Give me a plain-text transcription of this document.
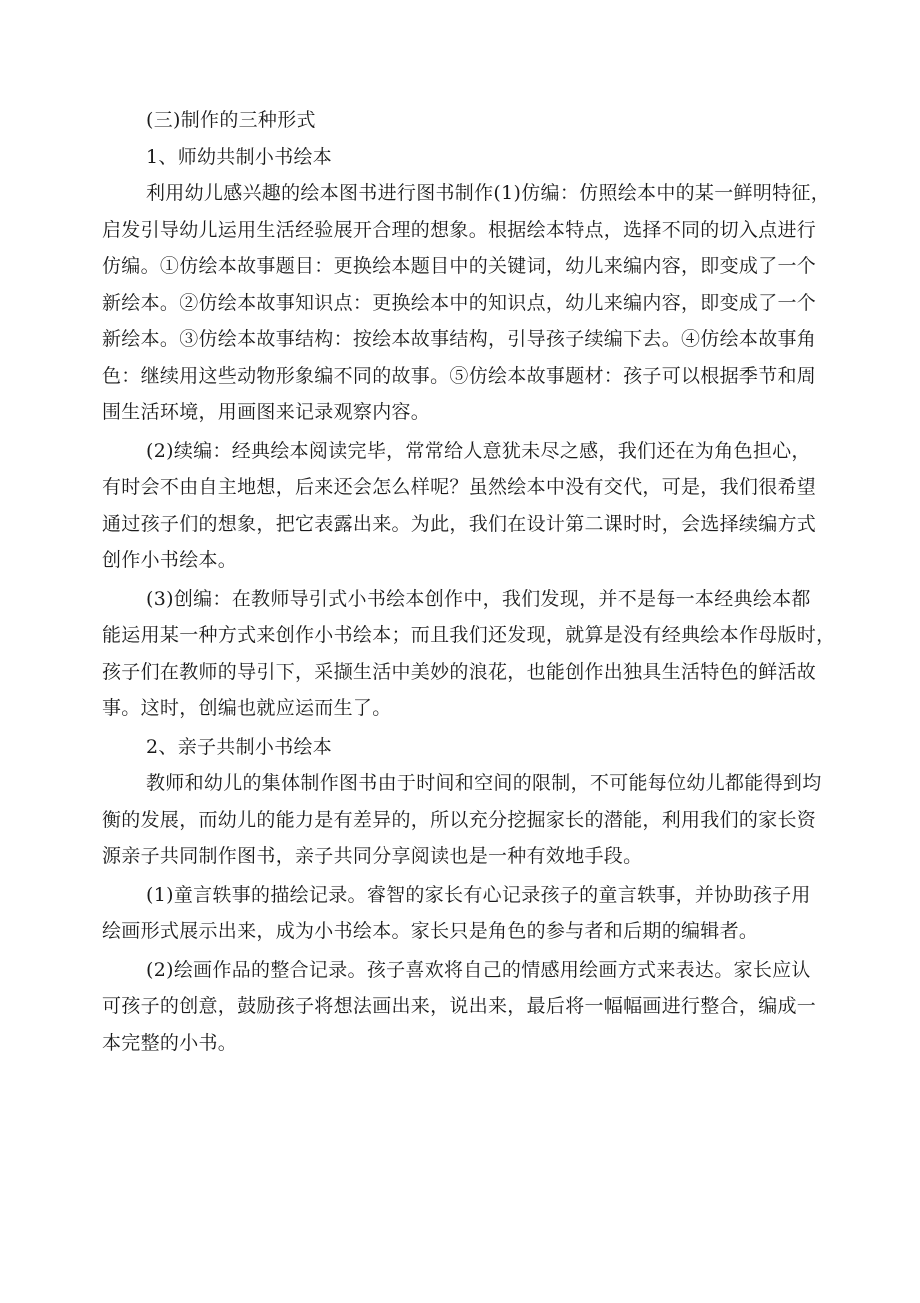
(三)制作的三种形式
1、师幼共制小书绘本
利用幼儿感兴趣的绘本图书进行图书制作(1)仿编：仿照绘本中的某一鲜明特征，
启发引导幼儿运用生活经验展开合理的想象。根据绘本特点，选择不同的切入点进行
仿编。①仿绘本故事题目：更换绘本题目中的关键词，幼儿来编内容，即变成了一个
新绘本。②仿绘本故事知识点：更换绘本中的知识点，幼儿来编内容，即变成了一个
新绘本。③仿绘本故事结构：按绘本故事结构，引导孩子续编下去。④仿绘本故事角
色：继续用这些动物形象编不同的故事。⑤仿绘本故事题材：孩子可以根据季节和周
围生活环境，用画图来记录观察内容。
(2)续编：经典绘本阅读完毕，常常给人意犹未尽之感，我们还在为角色担心，
有时会不由自主地想，后来还会怎么样呢？虽然绘本中没有交代，可是，我们很希望
通过孩子们的想象，把它表露出来。为此，我们在设计第二课时时，会选择续编方式
创作小书绘本。
(3)创编：在教师导引式小书绘本创作中，我们发现，并不是每一本经典绘本都
能运用某一种方式来创作小书绘本；而且我们还发现，就算是没有经典绘本作母版时，
孩子们在教师的导引下，采撷生活中美妙的浪花，也能创作出独具生活特色的鲜活故
事。这时，创编也就应运而生了。
2、亲子共制小书绘本
教师和幼儿的集体制作图书由于时间和空间的限制，不可能每位幼儿都能得到均
衡的发展，而幼儿的能力是有差异的，所以充分挖掘家长的潜能，利用我们的家长资
源亲子共同制作图书，亲子共同分享阅读也是一种有效地手段。
(1)童言轶事的描绘记录。睿智的家长有心记录孩子的童言轶事，并协助孩子用
绘画形式展示出来，成为小书绘本。家长只是角色的参与者和后期的编辑者。
(2)绘画作品的整合记录。孩子喜欢将自己的情感用绘画方式来表达。家长应认
可孩子的创意，鼓励孩子将想法画出来，说出来，最后将一幅幅画进行整合，编成一
本完整的小书。
